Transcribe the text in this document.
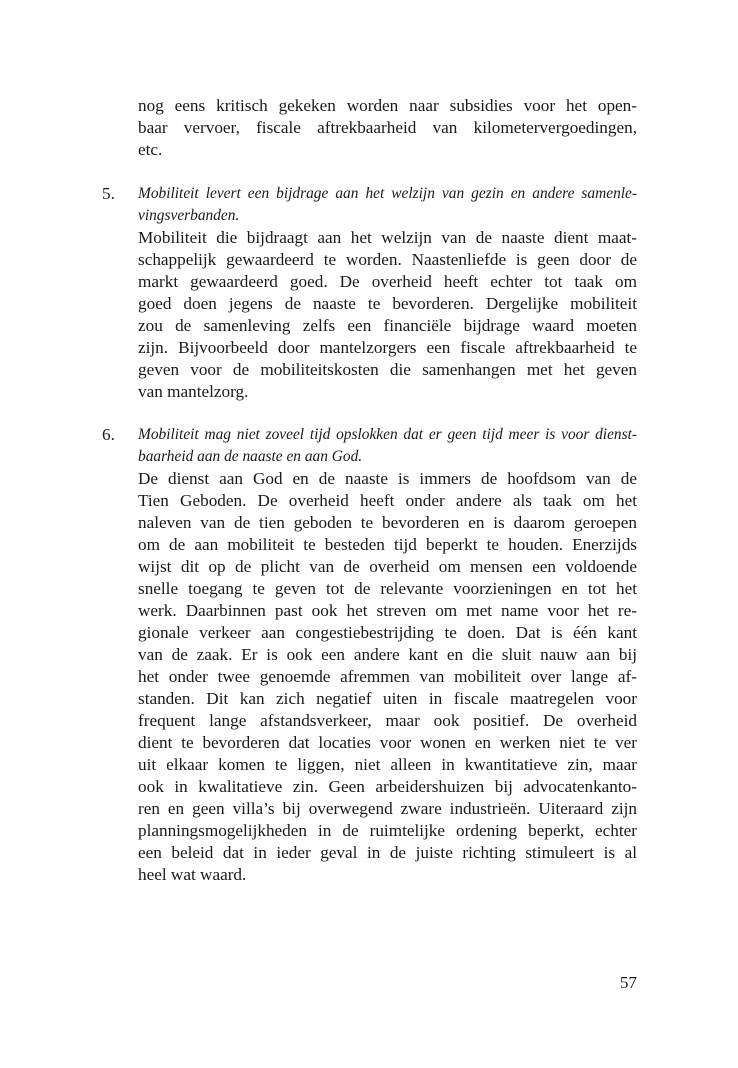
nog eens kritisch gekeken worden naar subsidies voor het open-
baar vervoer, fiscale aftrekbaarheid van kilometervergoedingen,
etc.
5. Mobiliteit levert een bijdrage aan het welzijn van gezin en andere samenle-
vingsverbanden.
Mobiliteit die bijdraagt aan het welzijn van de naaste dient maat-
schappelijk gewaardeerd te worden. Naastenliefde is geen door de
markt gewaardeerd goed. De overheid heeft echter tot taak om
goed doen jegens de naaste te bevorderen. Dergelijke mobiliteit
zou de samenleving zelfs een financiële bijdrage waard moeten
zijn. Bijvoorbeeld door mantelzorgers een fiscale aftrekbaarheid te
geven voor de mobiliteitskosten die samenhangen met het geven
van mantelzorg.
6. Mobiliteit mag niet zoveel tijd opslokken dat er geen tijd meer is voor dienst-
baarheid aan de naaste en aan God.
De dienst aan God en de naaste is immers de hoofdsom van de
Tien Geboden. De overheid heeft onder andere als taak om het
naleven van de tien geboden te bevorderen en is daarom geroepen
om de aan mobiliteit te besteden tijd beperkt te houden. Enerzijds
wijst dit op de plicht van de overheid om mensen een voldoende
snelle toegang te geven tot de relevante voorzieningen en tot het
werk. Daarbinnen past ook het streven om met name voor het re-
gionale verkeer aan congestiebestrijding te doen. Dat is één kant
van de zaak. Er is ook een andere kant en die sluit nauw aan bij
het onder twee genoemde afremmen van mobiliteit over lange af-
standen. Dit kan zich negatief uiten in fiscale maatregelen voor
frequent lange afstandsverkeer, maar ook positief. De overheid
dient te bevorderen dat locaties voor wonen en werken niet te ver
uit elkaar komen te liggen, niet alleen in kwantitatieve zin, maar
ook in kwalitatieve zin. Geen arbeidershuizen bij advocatenkanto-
ren en geen villa’s bij overwegend zware industrieën. Uiteraard zijn
planningsmogelijkheden in de ruimtelijke ordening beperkt, echter
een beleid dat in ieder geval in de juiste richting stimuleert is al
heel wat waard.
57
